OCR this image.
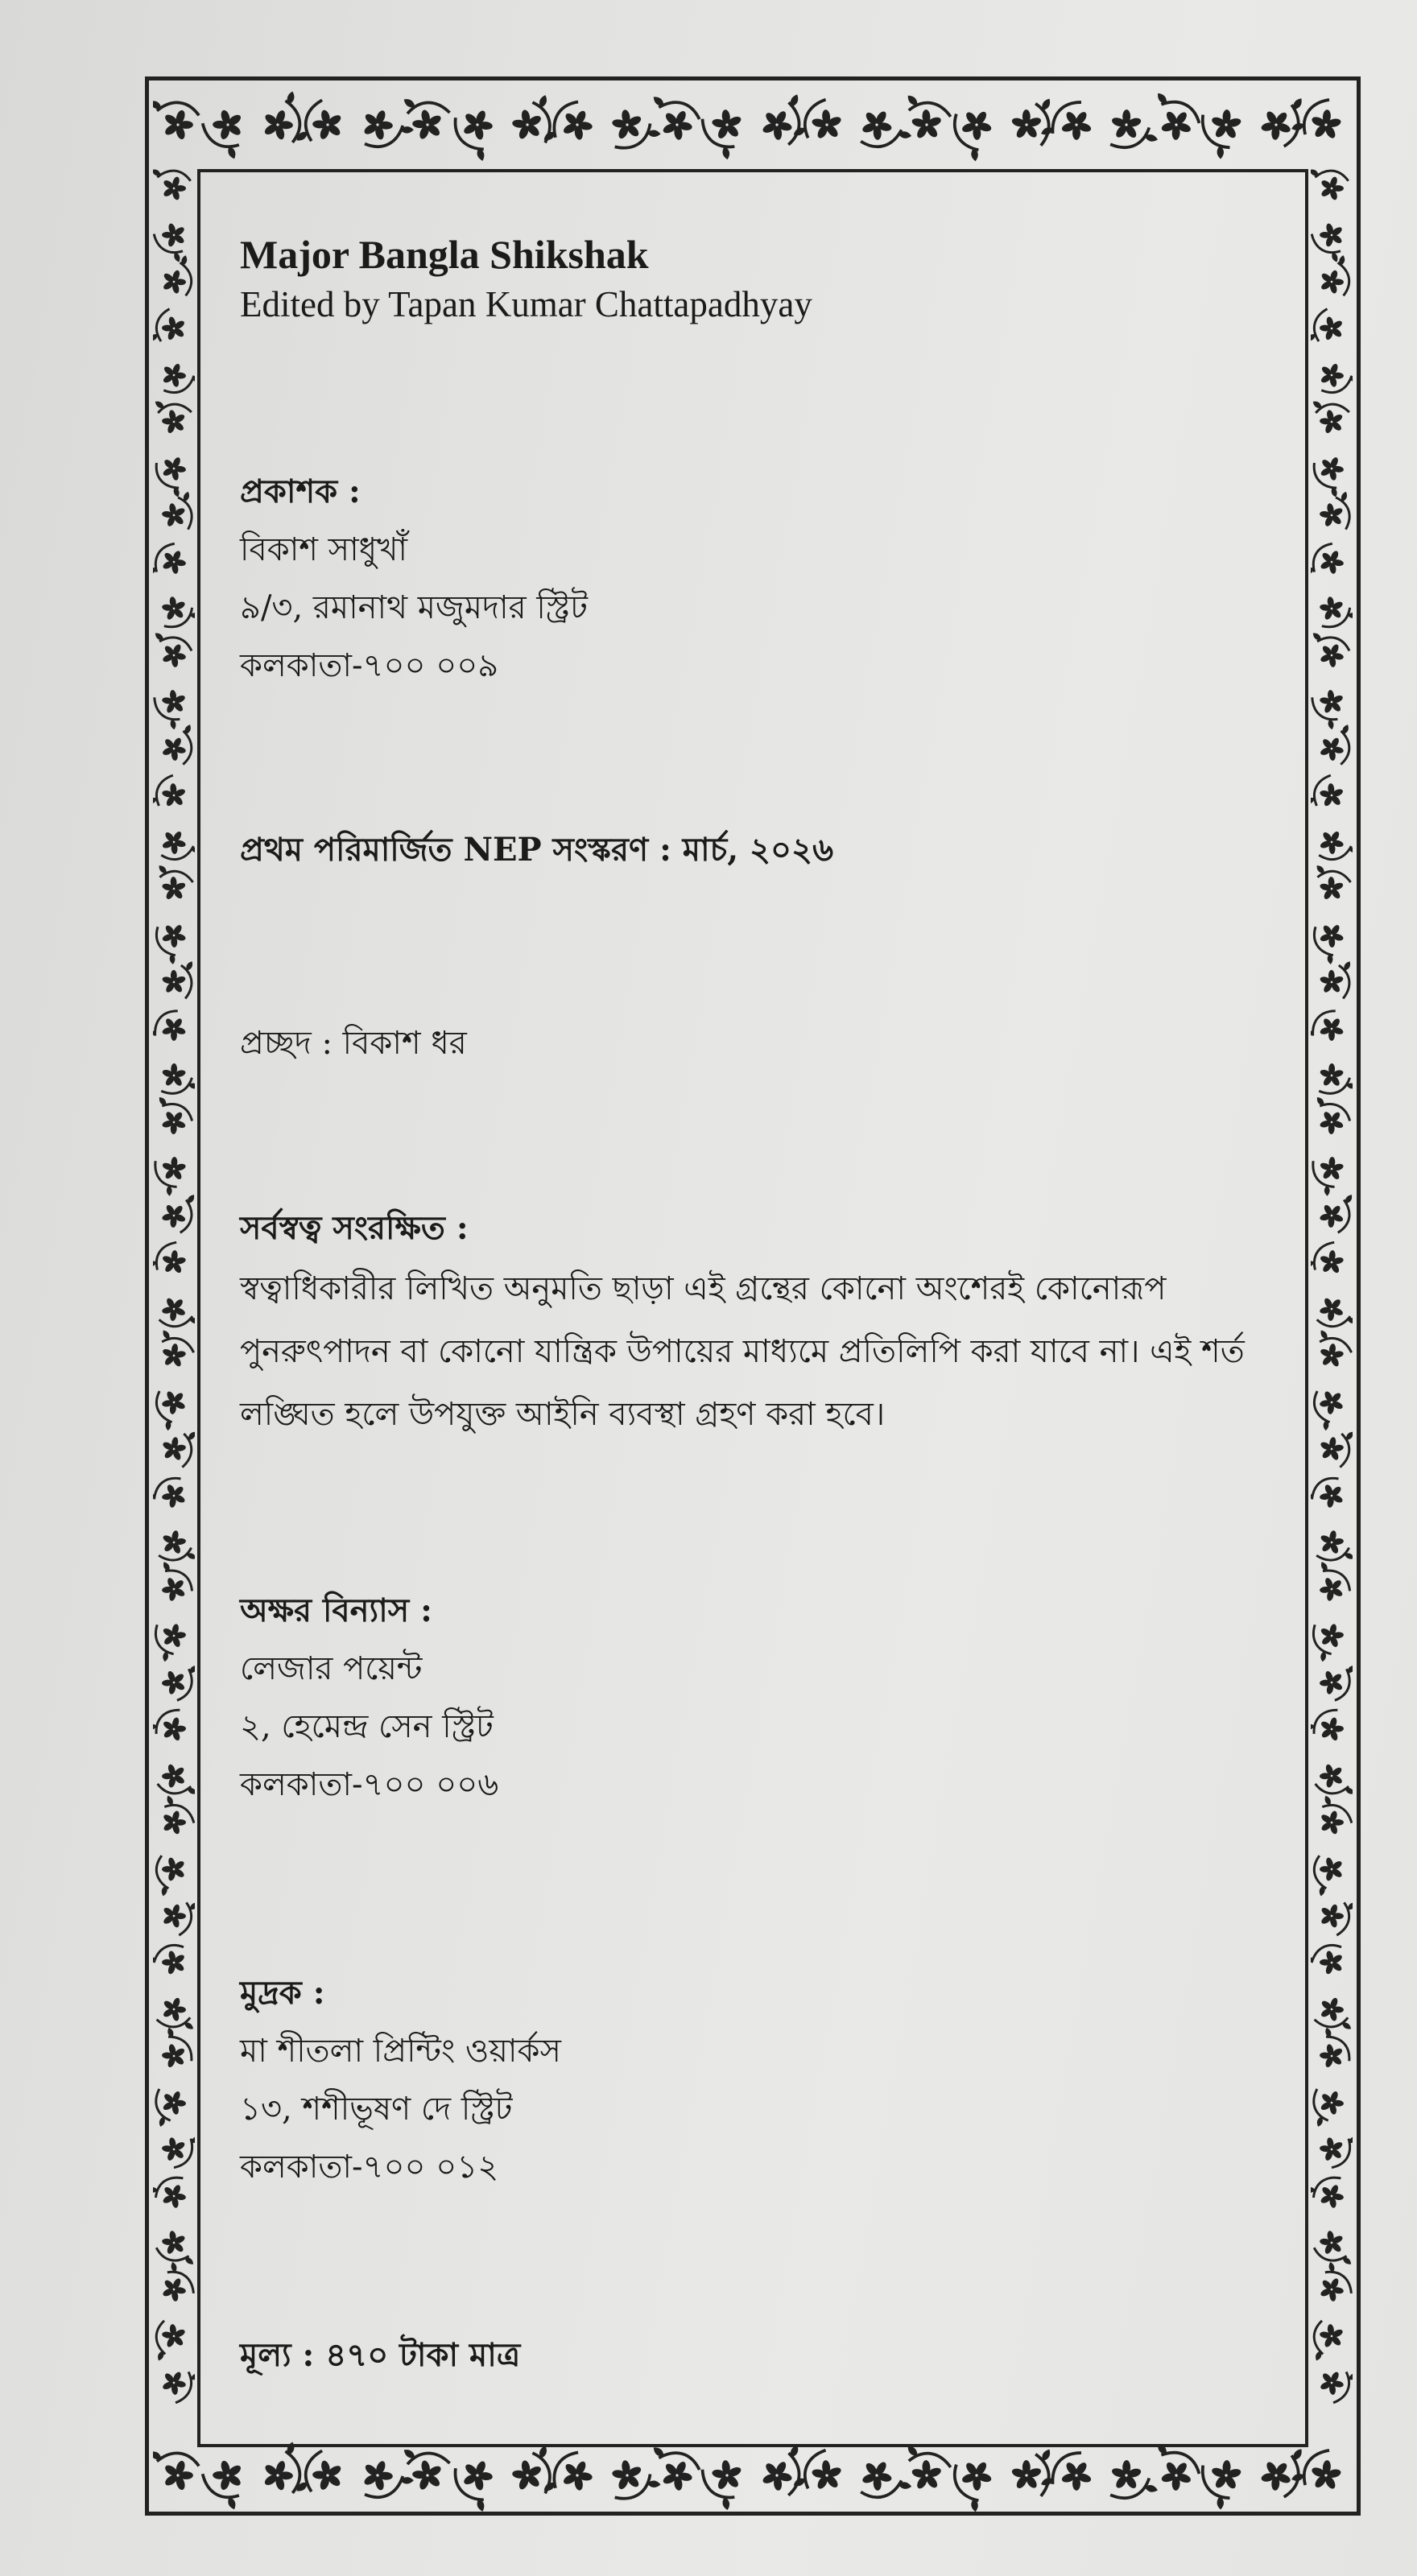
Major Bangla Shikshak

Edited by Tapan Kumar Chattapadhyay

প্রকাশক :
বিকাশ সাধুখাঁ
৯/৩, রমানাথ মজুমদার স্ট্রিট
কলকাতা-৭০০ ০০৯
প্রথম পরিমার্জিত NEP সংস্করণ : মার্চ, ২০২৬
প্রচ্ছদ : বিকাশ ধর
সর্বস্বত্ব সংরক্ষিত :
স্বত্বাধিকারীর লিখিত অনুমতি ছাড়া এই গ্রন্থের কোনো অংশেরই কোনোরূপ পুনরুৎপাদন বা কোনো যান্ত্রিক উপায়ের মাধ্যমে প্রতিলিপি করা যাবে না। এই শর্ত লঙ্ঘিত হলে উপযুক্ত আইনি ব্যবস্থা গ্রহণ করা হবে।
অক্ষর বিন্যাস :
লেজার পয়েন্ট
২, হেমেন্দ্র সেন স্ট্রিট
কলকাতা-৭০০ ০০৬
মুদ্রক :
মা শীতলা প্রিন্টিং ওয়ার্কস
১৩, শশীভূষণ দে স্ট্রিট
কলকাতা-৭০০ ০১২
মূল্য : ৪৭০ টাকা মাত্র
